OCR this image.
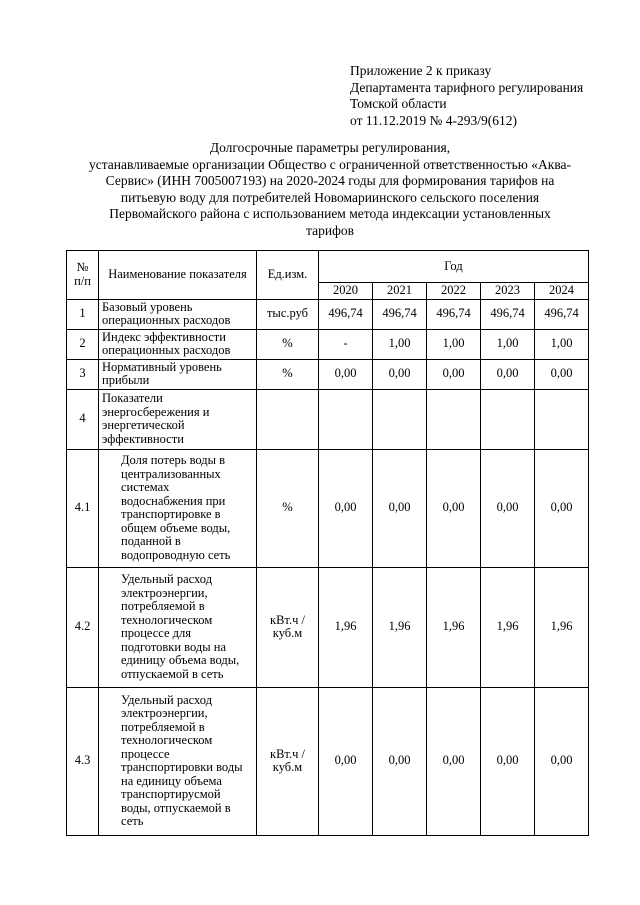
Приложение 2 к приказу
Департамента тарифного регулирования
Томской области
от 11.12.2019 № 4-293/9(612)
Долгосрочные параметры регулирования,
устанавливаемые организации Общество с ограниченной ответственностью «Аква-
Сервис» (ИНН 7005007193) на 2020-2024 годы для формирования тарифов на
питьевую воду для потребителей Новомариинского сельского поселения
Первомайского района с использованием метода индексации установленных
тарифов
№ п/п	Наименование показателя	Ед.изм.	Год				
			2020	2021	2022	2023	2024
1	Базовый уровень операционных расходов	тыс.руб	496,74	496,74	496,74	496,74	496,74
2	Индекс эффективности операционных расходов	%	-	1,00	1,00	1,00	1,00
3	Нормативный уровень прибыли	%	0,00	0,00	0,00	0,00	0,00
4	Показатели энергосбережения и энергетической эффективности						
4.1	Доля потерь воды в централизованных системах водоснабжения при транспортировке в общем объеме воды, поданной в водопроводную сеть	%	0,00	0,00	0,00	0,00	0,00
4.2	Удельный расход электроэнергии, потребляемой в технологическом процессе для подготовки воды на единицу объема воды, отпускаемой в сеть	кВт.ч / куб.м	1,96	1,96	1,96	1,96	1,96
4.3	Удельный расход электроэнергии, потребляемой в технологическом процессе транспортировки воды на единицу объема транспортирусмой воды, отпускаемой в сеть	кВт.ч / куб.м	0,00	0,00	0,00	0,00	0,00
